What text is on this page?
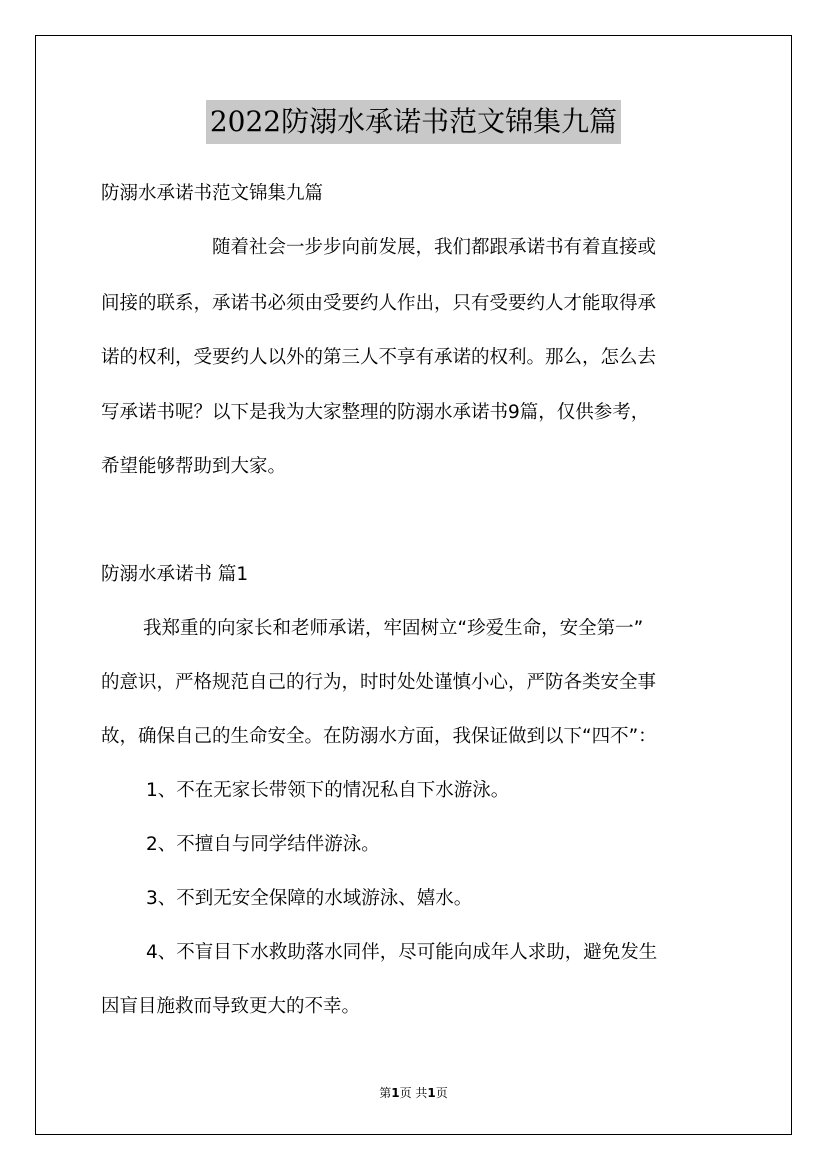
2022防溺水承诺书范文锦集九篇
防溺水承诺书范文锦集九篇
随着社会一步步向前发展，我们都跟承诺书有着直接或
间接的联系，承诺书必须由受要约人作出，只有受要约人才能取得承
诺的权利，受要约人以外的第三人不享有承诺的权利。那么，怎么去
写承诺书呢？以下是我为大家整理的防溺水承诺书9篇，仅供参考，
希望能够帮助到大家。
防溺水承诺书 篇1
我郑重的向家长和老师承诺，牢固树立“珍爱生命，安全第一”
的意识，严格规范自己的行为，时时处处谨慎小心，严防各类安全事
故，确保自己的生命安全。在防溺水方面，我保证做到以下“四不”：
1、不在无家长带领下的情况私自下水游泳。
2、不擅自与同学结伴游泳。
3、不到无安全保障的水域游泳、嬉水。
4、不盲目下水救助落水同伴，尽可能向成年人求助，避免发生
因盲目施救而导致更大的不幸。
第1页 共1页
